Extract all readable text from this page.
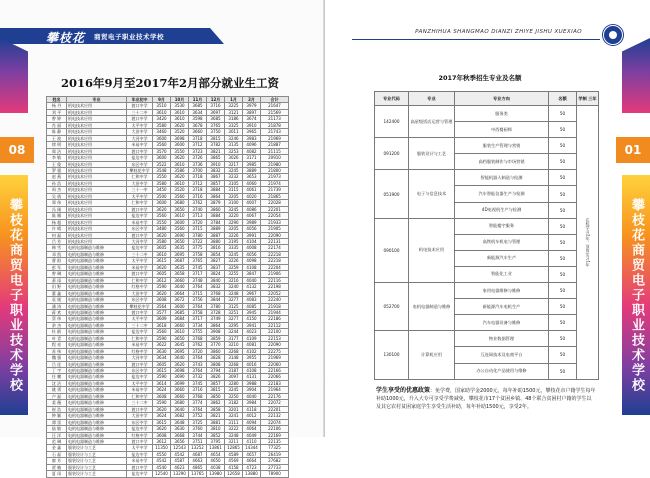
攀枝花 商贸电子职业技术学校
08
攀枝花商贸电子职业技术学校
2016年9月至2017年2月部分就业生工资
姓名	专业	毕业初中	9月	10月	11月	12月	1月	2月	合计
杨 丹	机电技术应用	渡口中学	3510	3530	3685	3716	3225	3979	21647
刘 平	机电技术应用	三十二中	3610	3610	3634	3697	3121	3897	21569
曾 婷	机电技术应用	渡口中学	3420	3610	3598	3685	3186	3674	21173
肖 丽	机电技术应用	太平中学	3580	3620	3678	3765	3325	3910	21878
陈 静	机电技术应用	大田中学	3460	3520	3660	3750	3011	3965	21743
王 波	机电技术应用	大河中学	3600	3698	3718	3815	3246	3983	21969
徐 明	机电技术应用	米易中学	3560	3600	3712	3782	3135	4096	21887
郑 洁	机电技术应用	渡口中学	3570	3550	3723	3821	3253	4082	21115
李 敏	机电技术应用	盐边中学	3600	3620	3726	3865	3026	3171	20910
王 俊	机电技术应用	东区中学	3522	3610	3736	3910	3217	3985	21980
罗 强	机电技术应用	攀枝花中学	3548	3586	3700	3832	3245	3889	21800
赵 燕	机电技术应用	仁和中学	3550	3620	3718	3867	3232	3653	21973
孙 浩	机电技术应用	大田中学	3580	3610	3712	3857	3105	4060	21974
周 杰	机电技术应用	三十一中	3450	3520	3718	3884	3115	4061	21739
吴 倩	机电技术应用	太平中学	3500	3560	3716	3864	3205	4020	21865
郑 伟	机电技术应用	仁和中学	3600	3680	3762	3879	3100	4007	22028
冯 刚	机电技术应用	渡口中学	3620	3650	3740	3860	3245	4086	22201
陈 娜	机电技术应用	盐边中学	3560	3610	3713	3884	3220	4067	22054
杨 超	机电技术应用	米易中学	3550	3600	3720	3784	3290	3989	21933
许 晴	机电技术应用	东区中学	3480	3560	3715	3889	3205	4056	21905
何 磊	机电技术应用	渡口中学	3620	3690	3780	3887	3226	3991	22090
吕 芳	机电技术应用	大河中学	3580	3650	3722	3880	3195	4104	22131
韩 雪	电机电器制造与维修	盐边中学	3605	3635	3775	3816	3335	4008	22174
邓 凯	电机电器制造与维修	三十二中	3610	3695	3758	3854	3245	4056	22218
曹 阳	电机电器制造与维修	太平中学	3615	3687	3765	3827	3226	4098	22218
彭 军	电机电器制造与维修	米易中学	3620	3635	3745	3837	3259	4108	22204
曾 琳	电机电器制造与维修	渡口中学	3605	3658	3717	3824	3255	3847	21906
萧 雨	电机电器制造与维修	仁和中学	3612	3660	3748	3840	3216	4040	22116
田 野	电机电器制造与维修	红格中学	3590	3640	3764	3832	3240	4132	22198
董 鑫	电机电器制造与维修	大田中学	3620	3664	3715	3768	3248	3967	22052
袁 媛	电机电器制造与维修	东区中学	3608	3672	3756	3844	3277	4083	22240
潘 涛	电机电器制造与维修	攀枝花中学	3564	3600	3764	3780	3125	4085	21918
蒋 欢	电机电器制造与维修	渡口中学	3577	3685	3758	3728	3251	3945	21944
蔡 伟	电机电器制造与维修	太平中学	3609	3684	3717	3749	3277	4150	22186
余 杰	电机电器制造与维修	三十二中	3618	3660	3734	3864	3295	3941	22112
杜 鹃	电机电器制造与维修	盐边中学	3560	3610	3755	3908	3244	4023	22100
叶 青	电机电器制造与维修	仁和中学	3590	3650	3768	3859	3177	4109	22153
程 亮	电机电器制造与维修	米易中学	3622	3645	3762	3770	3210	4081	22090
苏 伟	电机电器制造与维修	红格中学	3630	3695	3720	3860	3268	4102	22275
魏 强	电机电器制造与维修	大河中学	3634	3640	3764	3828	3148	3955	21969
吕 佳	电机电器制造与维修	渡口中学	3605	3620	3743	3808	3268	4016	22060
丁 宇	电机电器制造与维修	东区中学	3615	3698	3764	3794	3187	4108	22166
任 鹏	电机电器制造与维修	盐边中学	3590	3690	3732	3826	3097	4131	22066
沈 洁	电机电器制造与维修	太平中学	3614	3699	3745	3857	3280	3988	22183
姚 勇	电机电器制造与维修	米易中学	3624	3660	3716	3815	3245	3904	21964
卢 磊	电机电器制造与维修	仁和中学	3608	3660	3768	3850	3250	4040	22176
姜 薇	电机电器制造与维修	三十二中	3590	3680	3774	3862	3182	3984	22072
崔 浩	电机电器制造与维修	渡口中学	3620	3640	3764	3858	3201	4118	22201
钟 颖	电机电器制造与维修	大田中学	3624	3682	3752	3821	3241	4012	22132
谭 雷	电机电器制造与维修	东区中学	3615	3648	3725	3881	3111	4094	22074
陆 敏	电机电器制造与维修	盐边中学	3620	3630	3760	3810	3222	4064	22106
汪 洋	电机电器制造与维修	红格中学	3608	3668	3744	3852	3248	4049	22169
范 琳	电机电器制造与维修	渡口中学	3612	3656	3751	3795	3211	4110	22135
金 鑫	服装设计与工艺	太平中学	11350	12543	13252	13861	12865	14344	77325
石 磊	服装设计与工艺	盐边中学	4550	4542	4687	4654	4589	4657	26419
廖 芳	服装设计与工艺	米易中学	4542	4587	4663	4650	4569	4664	27682
贾 楠	服装设计与工艺	渡口中学	4540	4623	4865	4038	4158	4723	27733
夏 雨	服装设计与工艺	盐边中学	12540	13290	13765	13980	12658	13880	78900
01
攀枝花商贸电子职业技术学校
PANZHIHUA SHANGMAO DIANZI ZHIYE JISHU XUEXIAO
2017年秋季招生专业及名额
专业代码	专业	专业方向	名额	学制 三年
142400	高星级饭店运营与管理	服务类	50	在校学习2年，顶岗实习1年
		中西餐厨师	50	
091200	服装设计与工艺	服装生产管理与营销	50	
		高档服装制作与市场营销	50	
051900	电子与信息技术	智能机器人制造与检测	50	
		汽车智能仪器生产与检测	50	
		4D电视机生产与检测	50	
090100	机电技术应用	智能楼宇服务	50	
		高铁机车机电与管理	50	
		新能源汽车生产	50	
		智能化工业	50	
052700	电机电器制造与维修	家用电器维修与维修	50	
		新能源汽车电机生产	50	
		汽车电器设备与维修	50	
130100	计算机应用	物业数据管理	50	
		互连网技术及电商平台	50	
		办公自动化产品使用与维修	50	
学生享受的优惠政策：免学费，国家助学金2000元，每年补助1500元，攀枝花市户籍学生每年补助1000元，升入大专可享受学费减免，攀枝花市17个贫困乡镇、48个联合贫困村户籍的学生以及其它农村贫困家庭学生享受生活补助，每年补助1500元，享受2年。
